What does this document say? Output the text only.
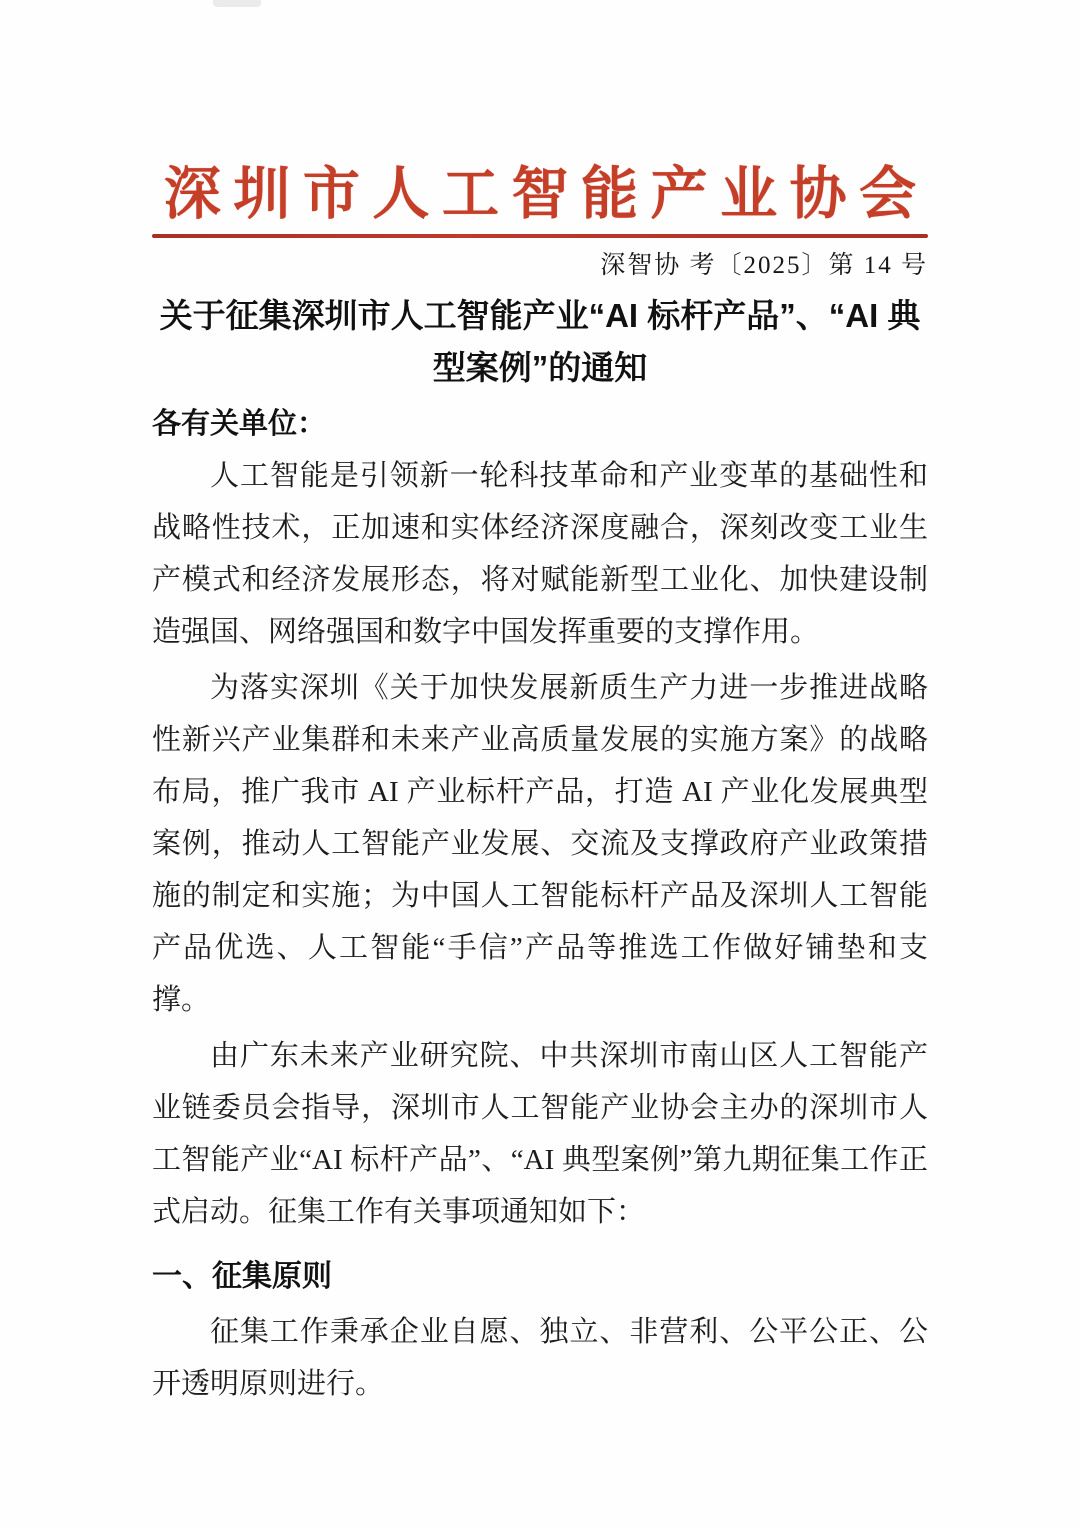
深圳市人工智能产业协会
深智协 考〔2025〕第 14 号
关于征集深圳市人工智能产业“AI 标杆产品”、“AI 典
型案例”的通知
各有关单位：

人工智能是引领新一轮科技革命和产业变革的基础性和战略性技术，正加速和实体经济深度融合，深刻改变工业生产模式和经济发展形态，将对赋能新型工业化、加快建设制造强国、网络强国和数字中国发挥重要的支撑作用。

为落实深圳《关于加快发展新质生产力进一步推进战略性新兴产业集群和未来产业高质量发展的实施方案》的战略布局，推广我市 AI 产业标杆产品，打造 AI 产业化发展典型案例，推动人工智能产业发展、交流及支撑政府产业政策措施的制定和实施；为中国人工智能标杆产品及深圳人工智能产品优选、人工智能“手信”产品等推选工作做好铺垫和支撑。

由广东未来产业研究院、中共深圳市南山区人工智能产业链委员会指导，深圳市人工智能产业协会主办的深圳市人工智能产业“AI 标杆产品”、“AI 典型案例”第九期征集工作正式启动。征集工作有关事项通知如下：

一、征集原则

征集工作秉承企业自愿、独立、非营利、公平公正、公开透明原则进行。
